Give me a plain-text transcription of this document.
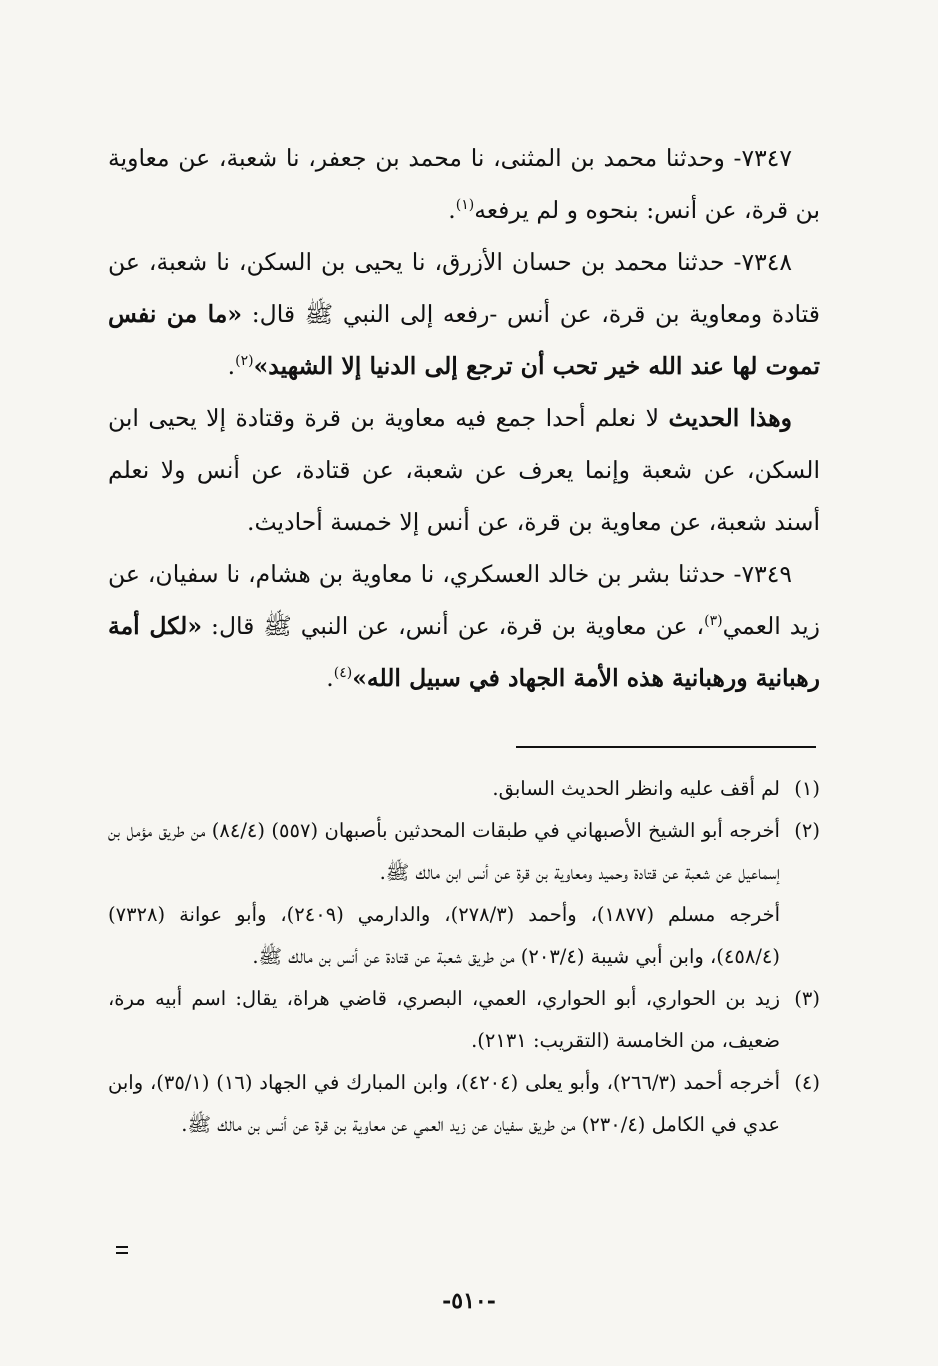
٧٣٤٧- وحدثنا محمد بن المثنى، نا محمد بن جعفر، نا شعبة، عن معاوية بن قرة، عن أنس: بنحوه و لم يرفعه$^{(١)}$.

٧٣٤٨- حدثنا محمد بن حسان الأزرق، نا يحيى بن السكن، نا شعبة، عن قتادة ومعاوية بن قرة، عن أنس -رفعه إلى النبي ﷺ قال: «ما من نفس تموت لها عند الله خير تحب أن ترجع إلى الدنيا إلا الشهيد»$^{(٢)}$.

وهذا الحديث لا نعلم أحدا جمع فيه معاوية بن قرة وقتادة إلا يحيى ابن السكن، عن شعبة وإنما يعرف عن شعبة، عن قتادة، عن أنس ولا نعلم أسند شعبة، عن معاوية بن قرة، عن أنس إلا خمسة أحاديث.

٧٣٤٩- حدثنا بشر بن خالد العسكري، نا معاوية بن هشام، نا سفيان، عن زيد العمي$^{(٣)}$، عن معاوية بن قرة، عن أنس، عن النبي ﷺ قال: «لكل أمة رهبانية ورهبانية هذه الأمة الجهاد في سبيل الله»$^{(٤)}$.

(١)

لم أقف عليه وانظر الحديث السابق.

(٢)

أخرجه أبو الشيخ الأصبهاني في طبقات المحدثين بأصبهان (٥٥٧) (٨٤/٤) من طريق مؤمل بن إسماعيل عن شعبة عن قتادة وحميد ومعاوية بن قرة عن أنس ابن مالك ﷺ.

أخرجه مسلم (١٨٧٧)، وأحمد (٢٧٨/٣)، والدارمي (٢٤٠٩)، وأبو عوانة (٧٣٢٨) (٤٥٨/٤)، وابن أبي شيبة (٢٠٣/٤) من طريق شعبة عن قتادة عن أنس بن مالك ﷺ.

(٣)

زيد بن الحواري، أبو الحواري، العمي، البصري، قاضي هراة، يقال: اسم أبيه مرة، ضعيف، من الخامسة (التقريب: ٢١٣١).

(٤)

أخرجه أحمد (٢٦٦/٣)، وأبو يعلى (٤٢٠٤)، وابن المبارك في الجهاد (١٦) (٣٥/١)، وابن عدي في الكامل (٢٣٠/٤) من طريق سفيان عن زيد العمي عن معاوية بن قرة عن أنس بن مالك ﷺ.

-٥١٠-
